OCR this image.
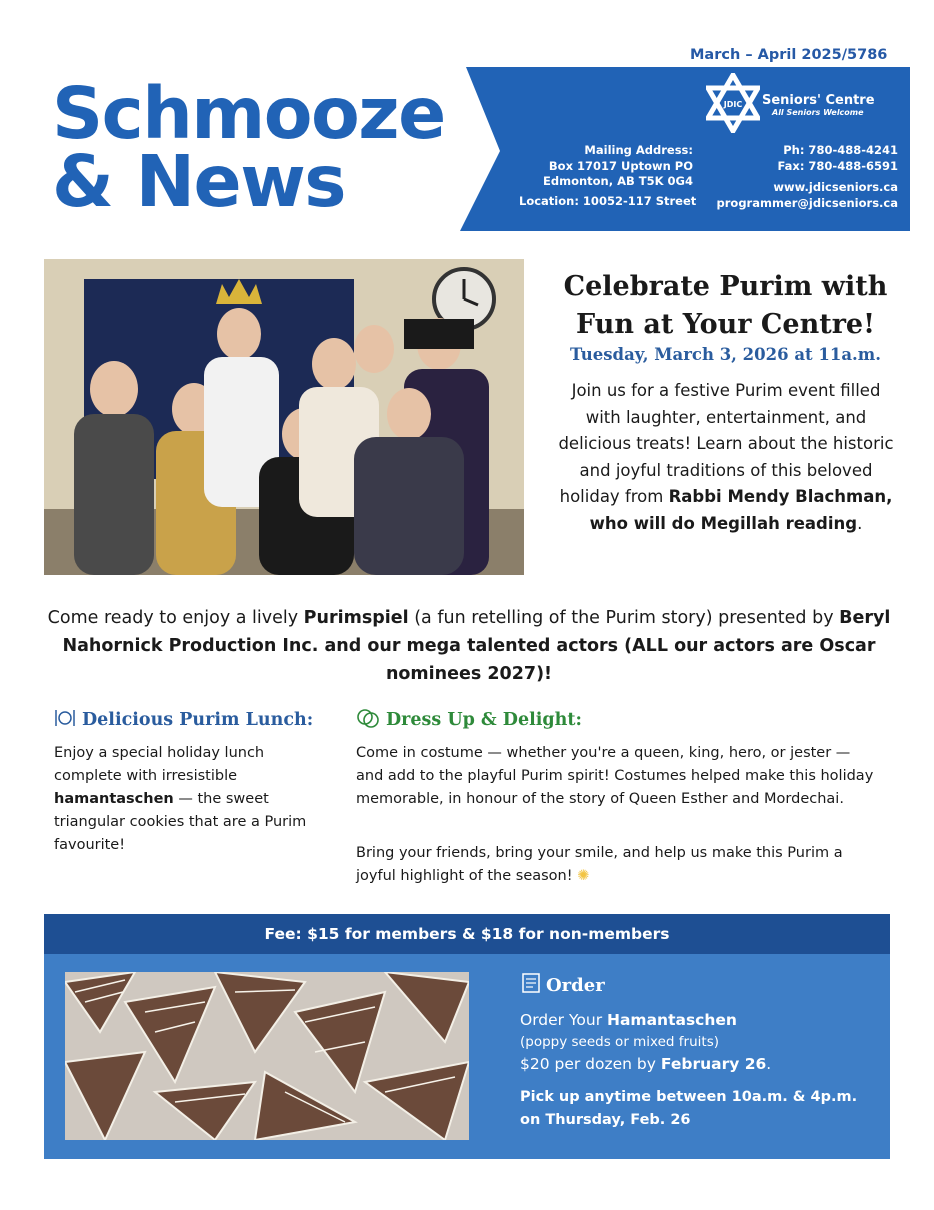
March – April 2025/5786
Schmooze
& News
JDIC Seniors' Centre
All Seniors Welcome
Mailing Address:
Box 17017 Uptown PO
Edmonton, AB T5K 0G4
Location: 10052-117 Street
Ph: 780-488-4241
Fax: 780-488-6591
www.jdicseniors.ca
programmer@jdicseniors.ca
Celebrate Purim with
Fun at Your Centre!
Tuesday, March 3, 2026 at 11a.m.
Join us for a festive Purim event filled with laughter, entertainment, and delicious treats! Learn about the historic and joyful traditions of this beloved holiday from Rabbi Mendy Blachman, who will do Megillah reading.
Come ready to enjoy a lively Purimspiel (a fun retelling of the Purim story) presented by Beryl Nahornick Production Inc. and our mega talented actors (ALL our actors are Oscar nominees 2027)!
Delicious Purim Lunch:
Enjoy a special holiday lunch complete with irresistible hamantaschen — the sweet triangular cookies that are a Purim favourite!
Dress Up & Delight:
Come in costume — whether you're a queen, king, hero, or jester — and add to the playful Purim spirit! Costumes helped make this holiday memorable, in honour of the story of Queen Esther and Mordechai.
Bring your friends, bring your smile, and help us make this Purim a joyful highlight of the season! ✺
Fee: $15 for members & $18 for non-members
Order
Order Your Hamantaschen
(poppy seeds or mixed fruits)
$20 per dozen by February 26.
Pick up anytime between 10a.m. & 4p.m. on Thursday, Feb. 26
